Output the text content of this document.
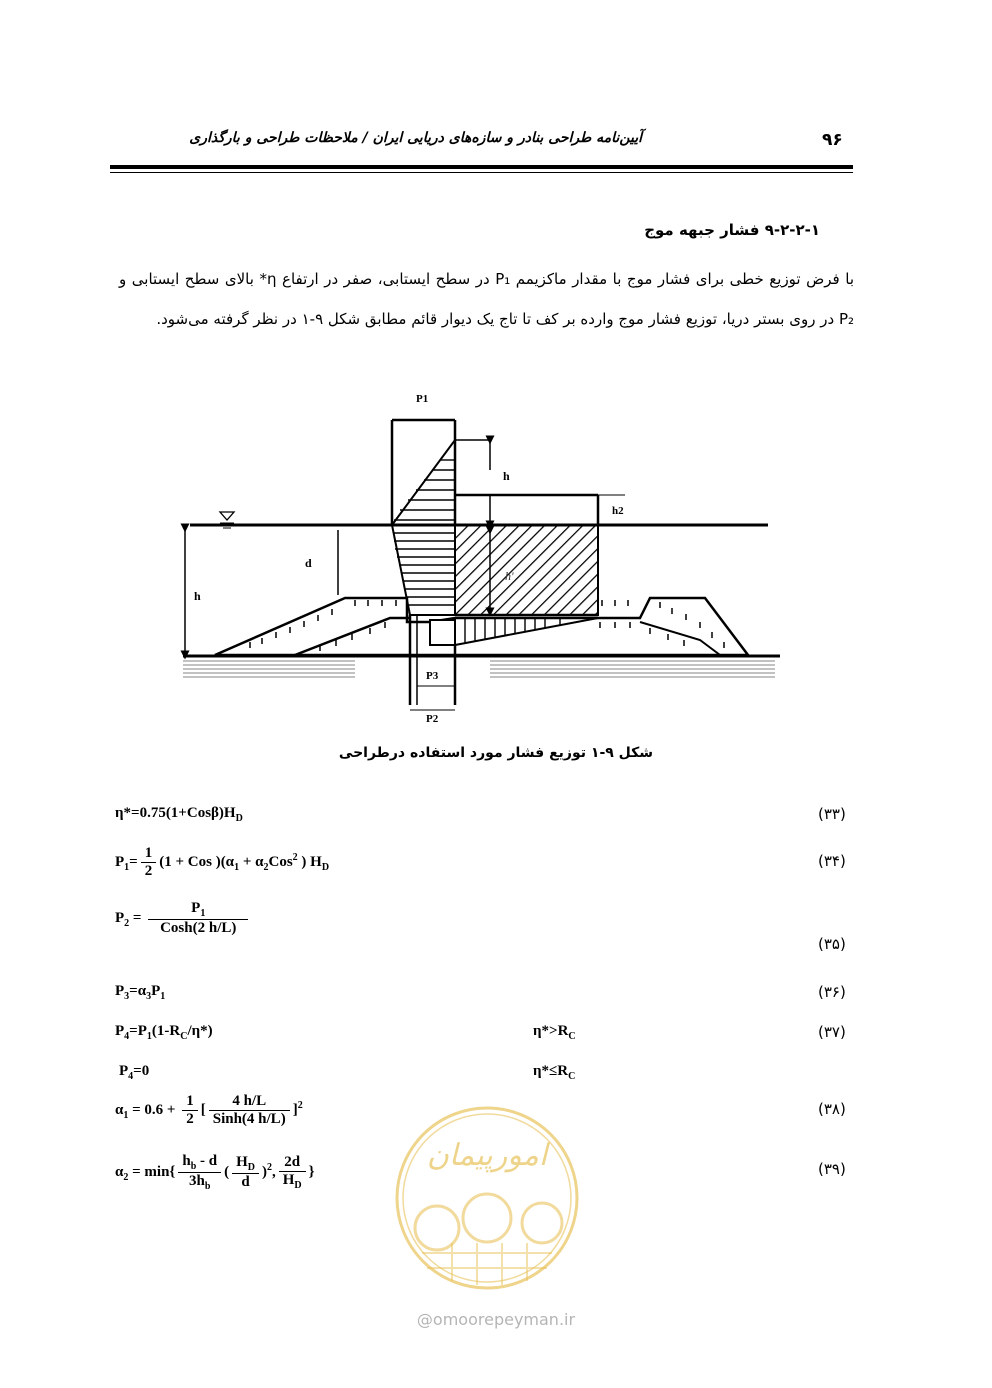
آیین‌نامه طراحی بنادر و سازه‌های دریایی ایران / ملاحظات طراحی و بارگذاری	۹۶
۹-۲-۲-۱ فشار جبهه موج
با فرض توزیع خطی برای فشار موج با مقدار ماکزیمم P₁ در سطح ایستابی، صفر در ارتفاع η* بالای سطح ایستابی و P₂ در روی بستر دریا، توزیع فشار موج وارده بر کف تا تاج یک دیوار قائم مطابق شکل ۹-۱ در نظر گرفته می‌شود.
P1
h
h2
h'
d
h
P3
P2
شکل ۹-۱ توزیع فشار مورد استفاده درطراحی
$\eta*=0.75(1+Cos\beta)H_D$	(۳۳)
$P_1= \frac{1}{2} (1$ + Cos )($\alpha_1 + \alpha_2Cos^2$ ) $H_D$	(۳۴)
$P_2 = \frac{P_1}{\text{Cosh(2 h/L)}}$
(۳۵)
$P_3=\alpha_3P_1$	(۳۶)
$P_4=P_1(1-R_C/\eta*)$	$\eta*>R_C$	(۳۷)
$P_4=0$	$\eta*\le R_C$
$\alpha_1 = 0.6 + \frac{1}{2}$ [ $\frac{4 h/L}{\text{Sinh(4 h/L)}} ]^2$	(۳۸)
$\alpha_2 = \min\{ \frac{h_b - d}{3h_b}$ ( $\frac{H_D}{d} )^2$, $\frac{2d}{H_D}$ }	(۳۹)
امورپیمان
@omoorepeyman.ir
